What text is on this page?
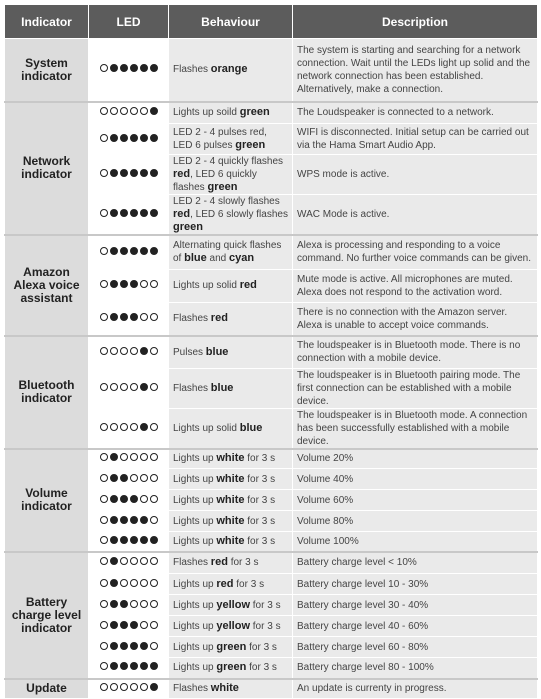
Indicator	LED	Behaviour	Description
System indicator		Flashes orange	The system is starting and searching for a network connection. Wait until the LEDs light up solid and the network connection has been established. Alternatively, make a connection.
Network indicator		Lights up soild green	The Loudspeaker is connected to a network.

		LED 2 - 4 pulses red, LED 6 pulses green	WIFI is disconnected. Initial setup can be carried out via the Hama Smart Audio App.

		LED 2 - 4 quickly flashes red, LED 6 quickly flashes green	WPS mode is active.

		LED 2 - 4 slowly flashes red, LED 6 slowly flashes green	WAC Mode is active.
Amazon Alexa voice assistant		Alternating quick flashes of blue and cyan	Alexa is processing and responding to a voice command. No further voice commands can be given.

		Lights up solid red	Mute mode is active. All microphones are muted. Alexa does not respond to the activation word.

		Flashes red	There is no connection with the Amazon server. Alexa is unable to accept voice commands.
Bluetooth indicator		Pulses blue	The loudspeaker is in Bluetooth mode. There is no connection with a mobile device.

		Flashes blue	The loudspeaker is in Bluetooth pairing mode. The first connection can be established with a mobile device.

		Lights up solid blue	The loudspeaker is in Bluetooth mode. A connection has been successfully established with a mobile device.
Volume indicator		Lights up white for 3 s	Volume 20%

		Lights up white for 3 s	Volume 40%

		Lights up white for 3 s	Volume 60%

		Lights up white for 3 s	Volume 80%

		Lights up white for 3 s	Volume 100%
Battery charge level indicator		Flashes red for 3 s	Battery charge level < 10%

		Lights up red for 3 s	Battery charge level 10 - 30%

		Lights up yellow for 3 s	Battery charge level 30 - 40%

		Lights up yellow for 3 s	Battery charge level 40 - 60%

		Lights up green for 3 s	Battery charge level 60 - 80%

		Lights up green for 3 s	Battery charge level 80 - 100%
Update		Flashes white	An update is currenty in progress.
